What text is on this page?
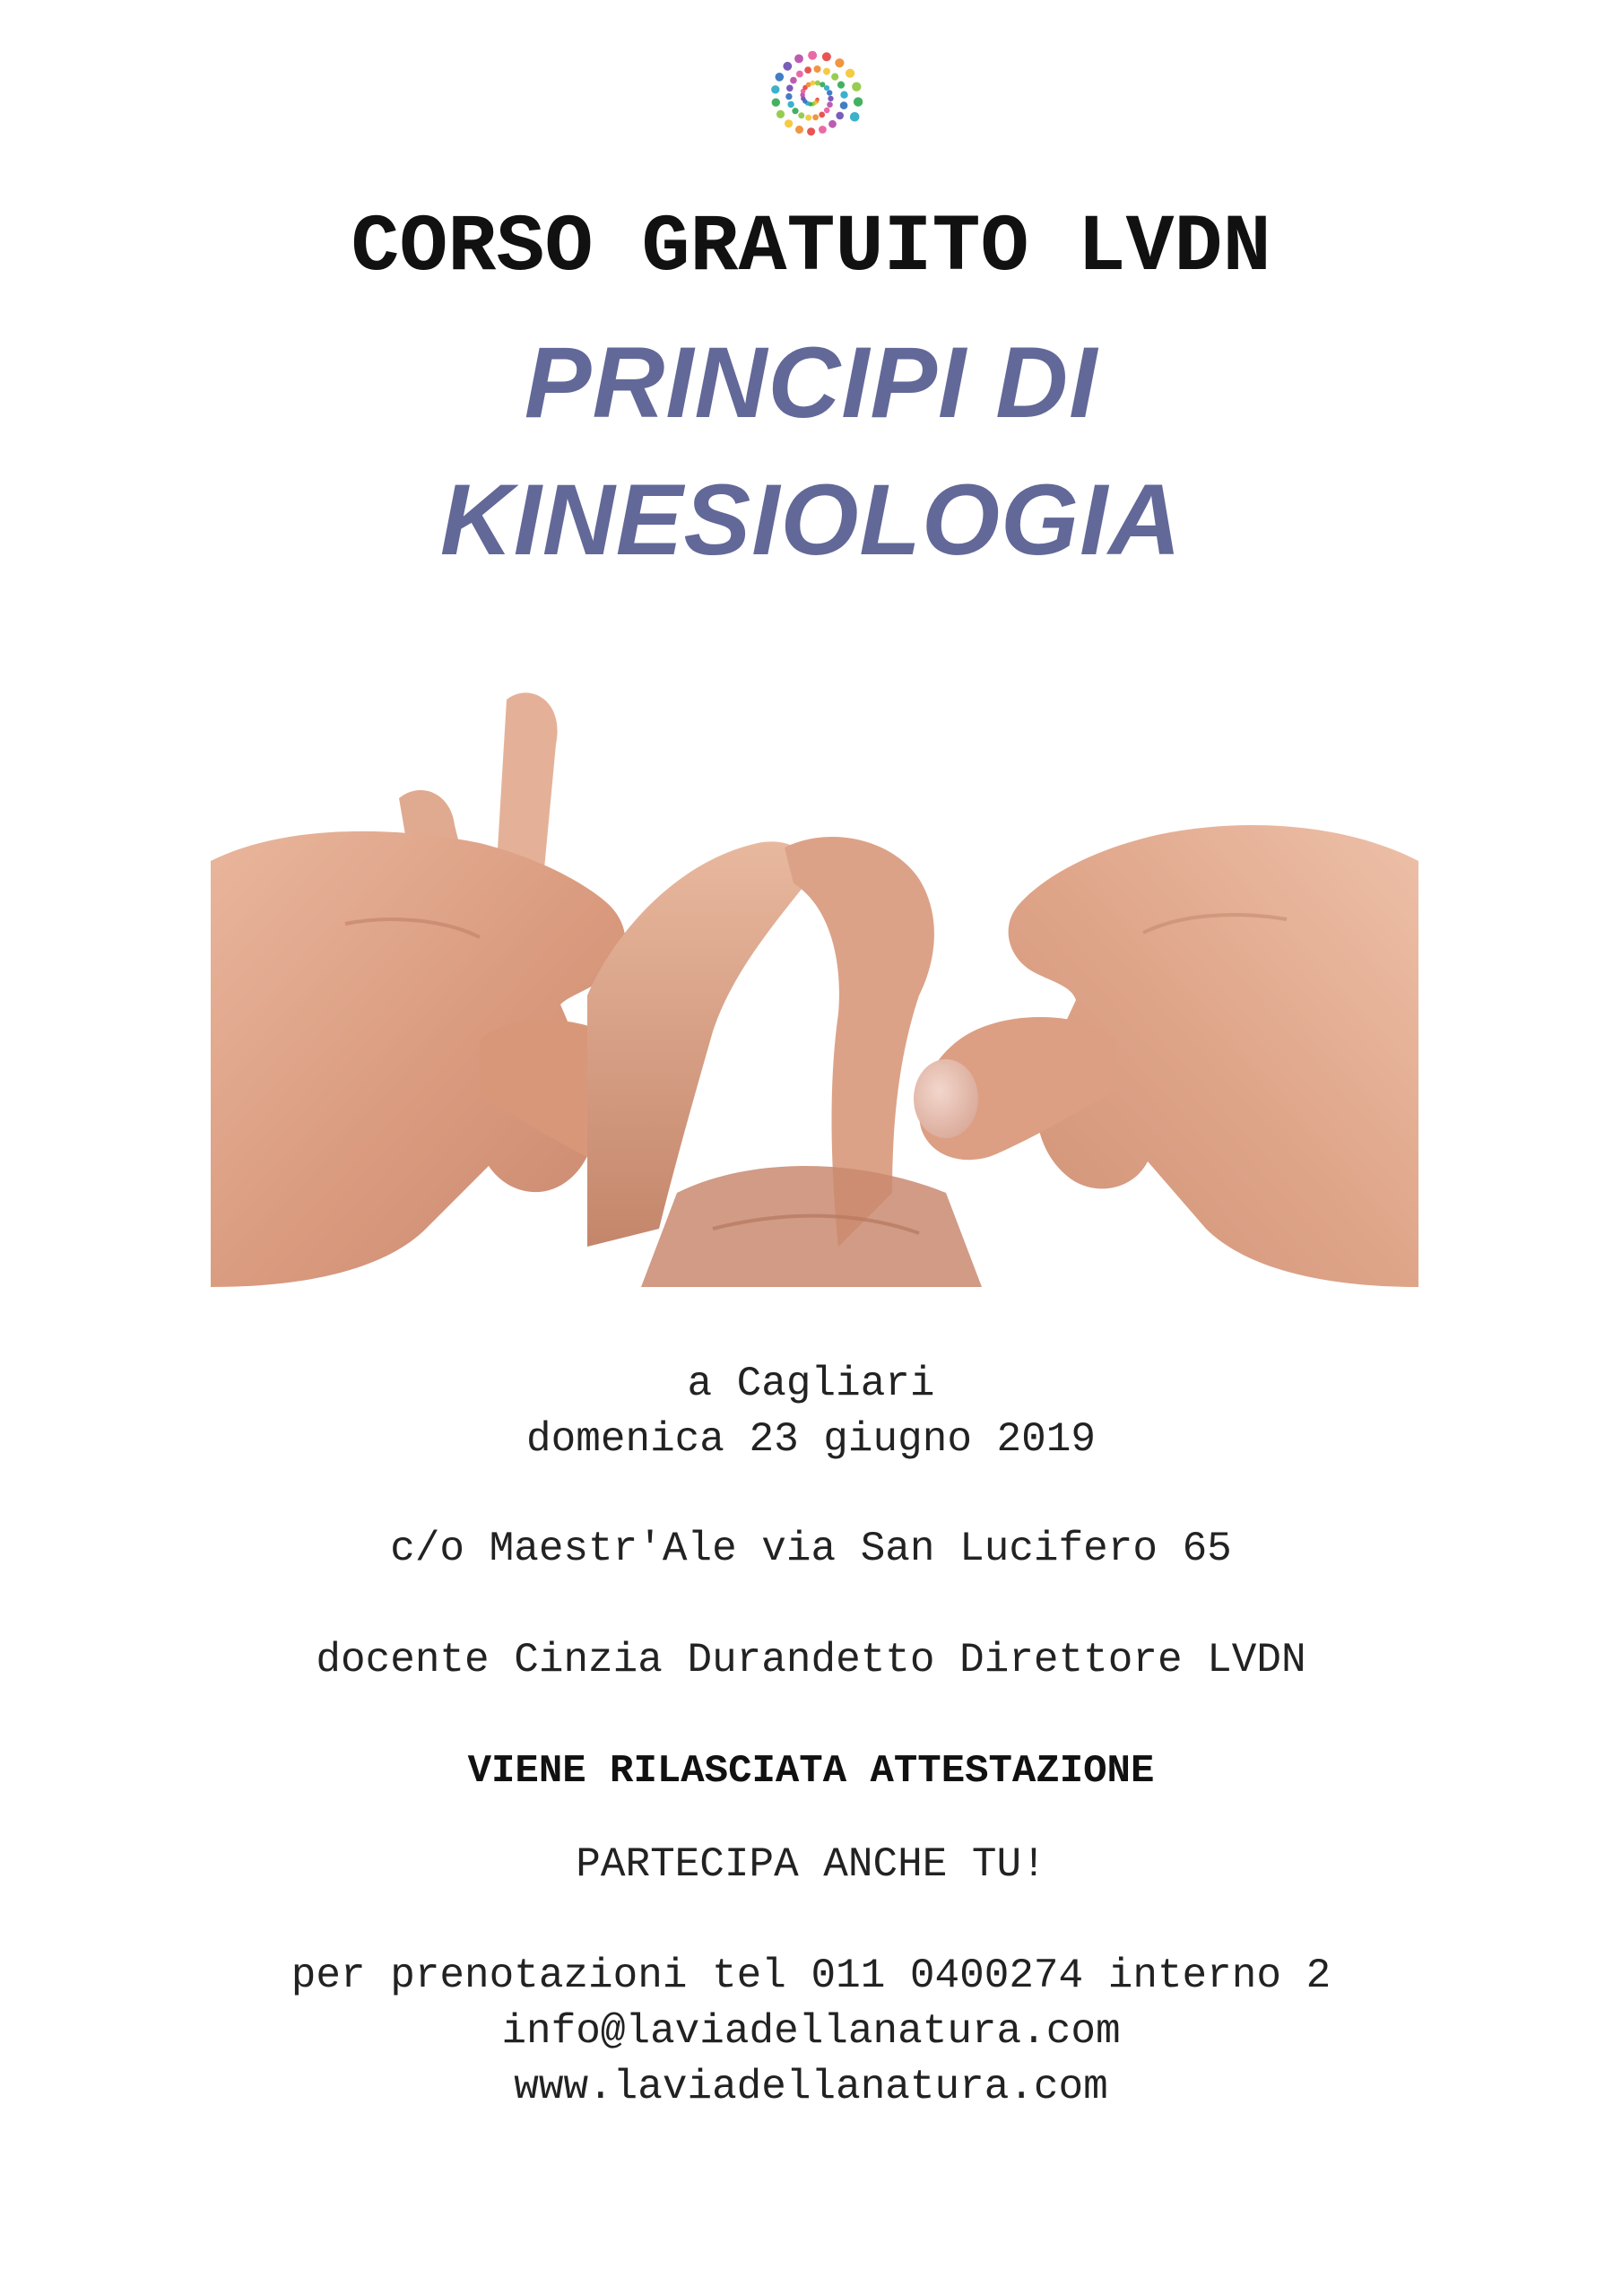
CORSO GRATUITO LVDN
PRINCIPI DI
KINESIOLOGIA
a Cagliari
domenica 23 giugno 2019
c/o Maestr'Ale via San Lucifero 65
docente Cinzia Durandetto Direttore LVDN
VIENE RILASCIATA ATTESTAZIONE
PARTECIPA ANCHE TU!
per prenotazioni tel 011 0400274 interno 2
info@laviadellanatura.com
www.laviadellanatura.com
